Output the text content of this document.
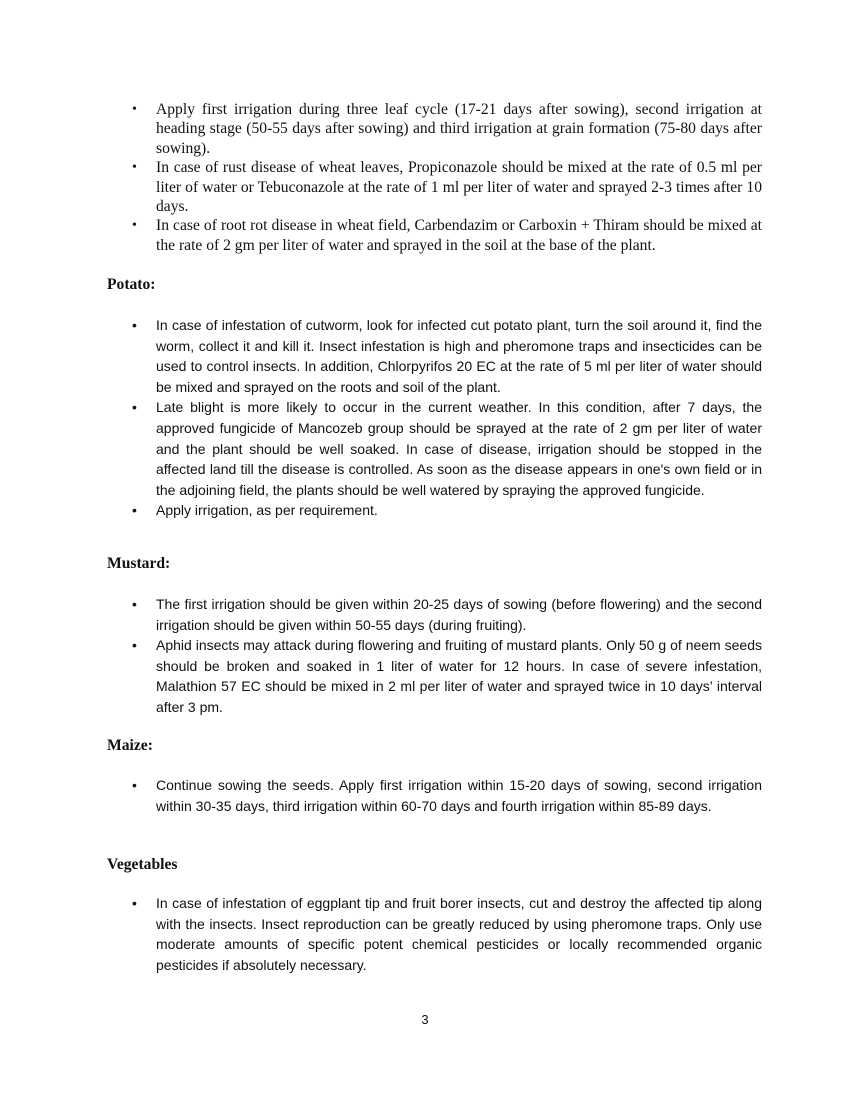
• Apply first irrigation during three leaf cycle (17-21 days after sowing), second irrigation at heading stage (50-55 days after sowing) and third irrigation at grain formation (75-80 days after sowing).
• In case of rust disease of wheat leaves, Propiconazole should be mixed at the rate of 0.5 ml per liter of water or Tebuconazole at the rate of 1 ml per liter of water and sprayed 2-3 times after 10 days.
• In case of root rot disease in wheat field, Carbendazim or Carboxin + Thiram should be mixed at the rate of 2 gm per liter of water and sprayed in the soil at the base of the plant.
Potato:
• In case of infestation of cutworm, look for infected cut potato plant, turn the soil around it, find the worm, collect it and kill it. Insect infestation is high and pheromone traps and insecticides can be used to control insects. In addition, Chlorpyrifos 20 EC at the rate of 5 ml per liter of water should be mixed and sprayed on the roots and soil of the plant.
• Late blight is more likely to occur in the current weather. In this condition, after 7 days, the approved fungicide of Mancozeb group should be sprayed at the rate of 2 gm per liter of water and the plant should be well soaked. In case of disease, irrigation should be stopped in the affected land till the disease is controlled. As soon as the disease appears in one's own field or in the adjoining field, the plants should be well watered by spraying the approved fungicide.
• Apply irrigation, as per requirement.
Mustard:
• The first irrigation should be given within 20-25 days of sowing (before flowering) and the second irrigation should be given within 50-55 days (during fruiting).
• Aphid insects may attack during flowering and fruiting of mustard plants. Only 50 g of neem seeds should be broken and soaked in 1 liter of water for 12 hours. In case of severe infestation, Malathion 57 EC should be mixed in 2 ml per liter of water and sprayed twice in 10 days’ interval after 3 pm.
Maize:
• Continue sowing the seeds. Apply first irrigation within 15-20 days of sowing, second irrigation within 30-35 days, third irrigation within 60-70 days and fourth irrigation within 85-89 days.
Vegetables
• In case of infestation of eggplant tip and fruit borer insects, cut and destroy the affected tip along with the insects. Insect reproduction can be greatly reduced by using pheromone traps. Only use moderate amounts of specific potent chemical pesticides or locally recommended organic pesticides if absolutely necessary.
3
